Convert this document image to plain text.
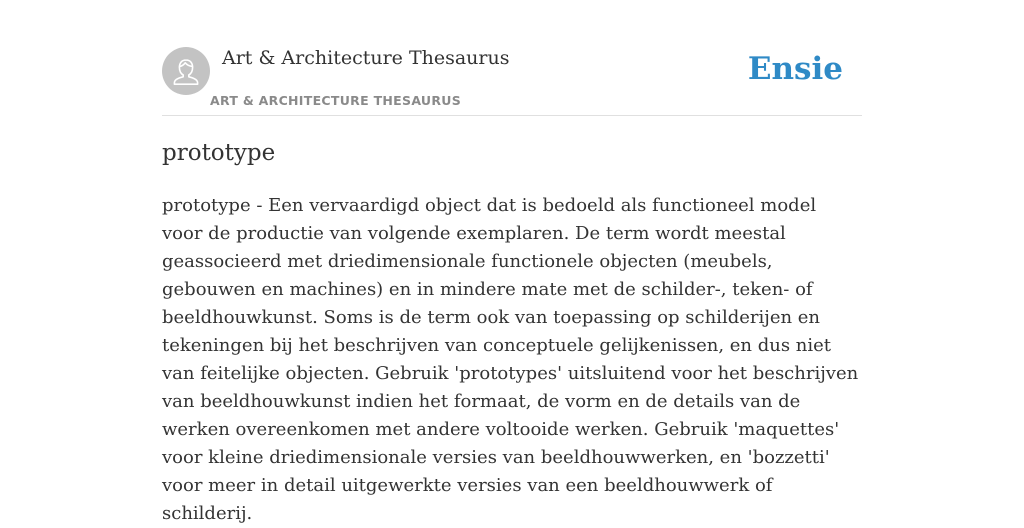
Art & Architecture Thesaurus
ART & ARCHITECTURE THESAURUS
Ensie
prototype

prototype - Een vervaardigd object dat is bedoeld als functioneel model voor de productie van volgende exemplaren. De term wordt meestal geassocieerd met driedimensionale functionele objecten (meubels, gebouwen en machines) en in mindere mate met de schilder-, teken- of beeldhouwkunst. Soms is de term ook van toepassing op schilderijen en tekeningen bij het beschrijven van conceptuele gelijkenissen, en dus niet van feitelijke objecten. Gebruik 'prototypes' uitsluitend voor het beschrijven van beeldhouwkunst indien het formaat, de vorm en de details van de werken overeenkomen met andere voltooide werken. Gebruik 'maquettes' voor kleine driedimensionale versies van beeldhouwwerken, en 'bozzetti' voor meer in detail uitgewerkte versies van een beeldhouwwerk of schilderij.
